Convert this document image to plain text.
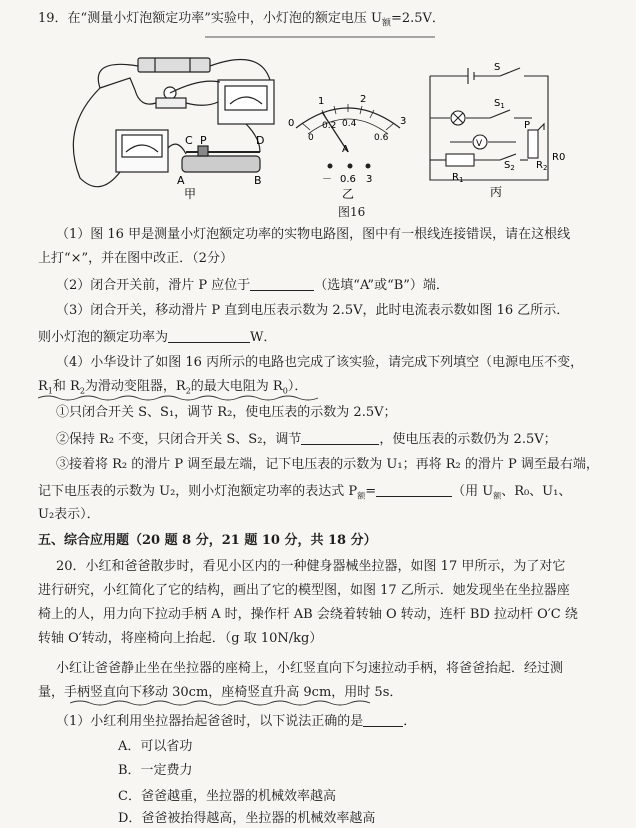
19．在“测量小灯泡额定功率”实验中，小灯泡的额定电压 $U_额=2.5V$．
C P	D
A	B
甲
0
1	2
3
0
0.2 0.4
0.6
A
－ 0.6 3
乙
图16
S
$S_1$
P
$R_2$
R0
V
$S_2$
$R_1$
丙
（1）图 16 甲是测量小灯泡额定功率的实物电路图，图中有一根线连接错误，请在这根线
上打“×”，并在图中改正．（2分）
（2）闭合开关前，滑片 P 应位于	（选填“A”或“B”）端．
（3）闭合开关，移动滑片 P 直到电压表示数为 2.5V，此时电流表示数如图 16 乙所示．
则小灯泡的额定功率为	W．
（4）小华设计了如图 16 丙所示的电路也完成了该实验，请完成下列填空（电源电压不变，
$R_1$和 $R_2$为滑动变阻器，$R_2$的最大电阻为 $R_0$）．
①只闭合开关 S、S₁，调节 R₂，使电压表的示数为 2.5V；
②保持 R₂ 不变，只闭合开关 S、S₂，调节	，使电压表的示数仍为 2.5V；
③接着将 R₂ 的滑片 P 调至最左端，记下电压表的示数为 U₁；再将 R₂ 的滑片 P 调至最右端，
记下电压表的示数为 U₂，则小灯泡额定功率的表达式 $P_额=$	（用 $U_额$、R₀、U₁、
U₂表示）．
五、综合应用题（20 题 8 分，21 题 10 分，共 18 分）
20．小红和爸爸散步时，看见小区内的一种健身器械坐拉器，如图 17 甲所示，为了对它
进行研究，小红简化了它的结构，画出了它的模型图，如图 17 乙所示．她发现坐在坐拉器座
椅上的人，用力向下拉动手柄 A 时，操作杆 AB 会绕着转轴 O 转动，连杆 BD 拉动杆 O′C 绕
转轴 O′转动，将座椅向上抬起．（g 取 10N/kg）
小红让爸爸静止坐在坐拉器的座椅上，小红竖直向下匀速拉动手柄，将爸爸抬起．经过测
量，手柄竖直向下移动 30cm，座椅竖直升高 9cm，用时 5s．
（1）小红利用坐拉器抬起爸爸时，以下说法正确的是	．
A．可以省功
B．一定费力
C．爸爸越重，坐拉器的机械效率越高
D．爸爸被抬得越高，坐拉器的机械效率越高
